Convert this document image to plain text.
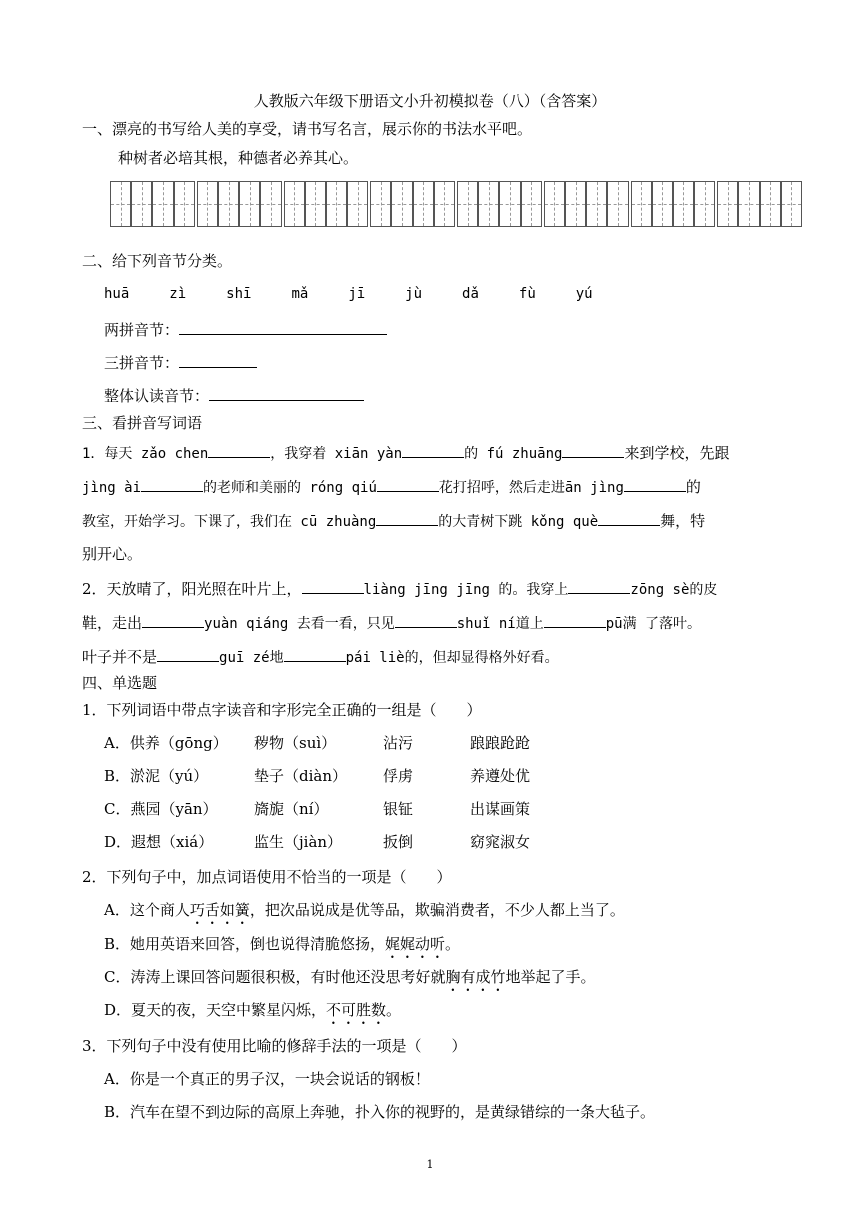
人教版六年级下册语文小升初模拟卷（八）（含答案）
一、漂亮的书写给人美的享受，请书写名言，展示你的书法水平吧。
种树者必培其根，种德者必养其心。
二、给下列音节分类。
huā	zì	shī	mǎ	jī	jù	dǎ	fù	yú
两拼音节：
三拼音节：
整体认读音节：
三、看拼音写词语
1．每天 zǎo chen	，我穿着 xiān yàn	的 fú zhuāng	来到学校，先跟
jìng ài	的老师和美丽的 róng qiú	花打招呼，然后走进ān jìng	的
教室，开始学习。下课了，我们在 cū zhuàng	的大青树下跳 kǒng què	舞，特
别开心。
2．天放晴了，阳光照在叶片上，	liàng jīng jīng 的。我穿上	zōng sè的皮
鞋，走出	yuàn qiáng 去看一看，只见	shuǐ ní道上	pū满 了落叶。
叶子并不是	guī zé地	pái liè的，但却显得格外好看。
四、单选题
1．下列词语中带点字读音和字形完全正确的一组是（　　）
A．供养（gōng） 秽物（suì）	沾污	踉踉跄跄
B．淤泥（yú）	垫子（diàn） 俘虏	养遵处优
C．燕园（yān） 旖旎（ní）	银钲	出谋画策
D．遐想（xiá）	监生（jiàn）	扳倒	窈窕淑女
2．下列句子中，加点词语使用不恰当的一项是（　　）
A．这个商人巧舌如簧，把次品说成是优等品，欺骗消费者，不少人都上当了。
B．她用英语来回答，倒也说得清脆悠扬，娓娓动听。
C．涛涛上课回答问题很积极，有时他还没思考好就胸有成竹地举起了手。
D．夏天的夜，天空中繁星闪烁，不可胜数。
3．下列句子中没有使用比喻的修辞手法的一项是（　　）
A．你是一个真正的男子汉，一块会说话的钢板！
B．汽车在望不到边际的高原上奔驰，扑入你的视野的，是黄绿错综的一条大毡子。
1
